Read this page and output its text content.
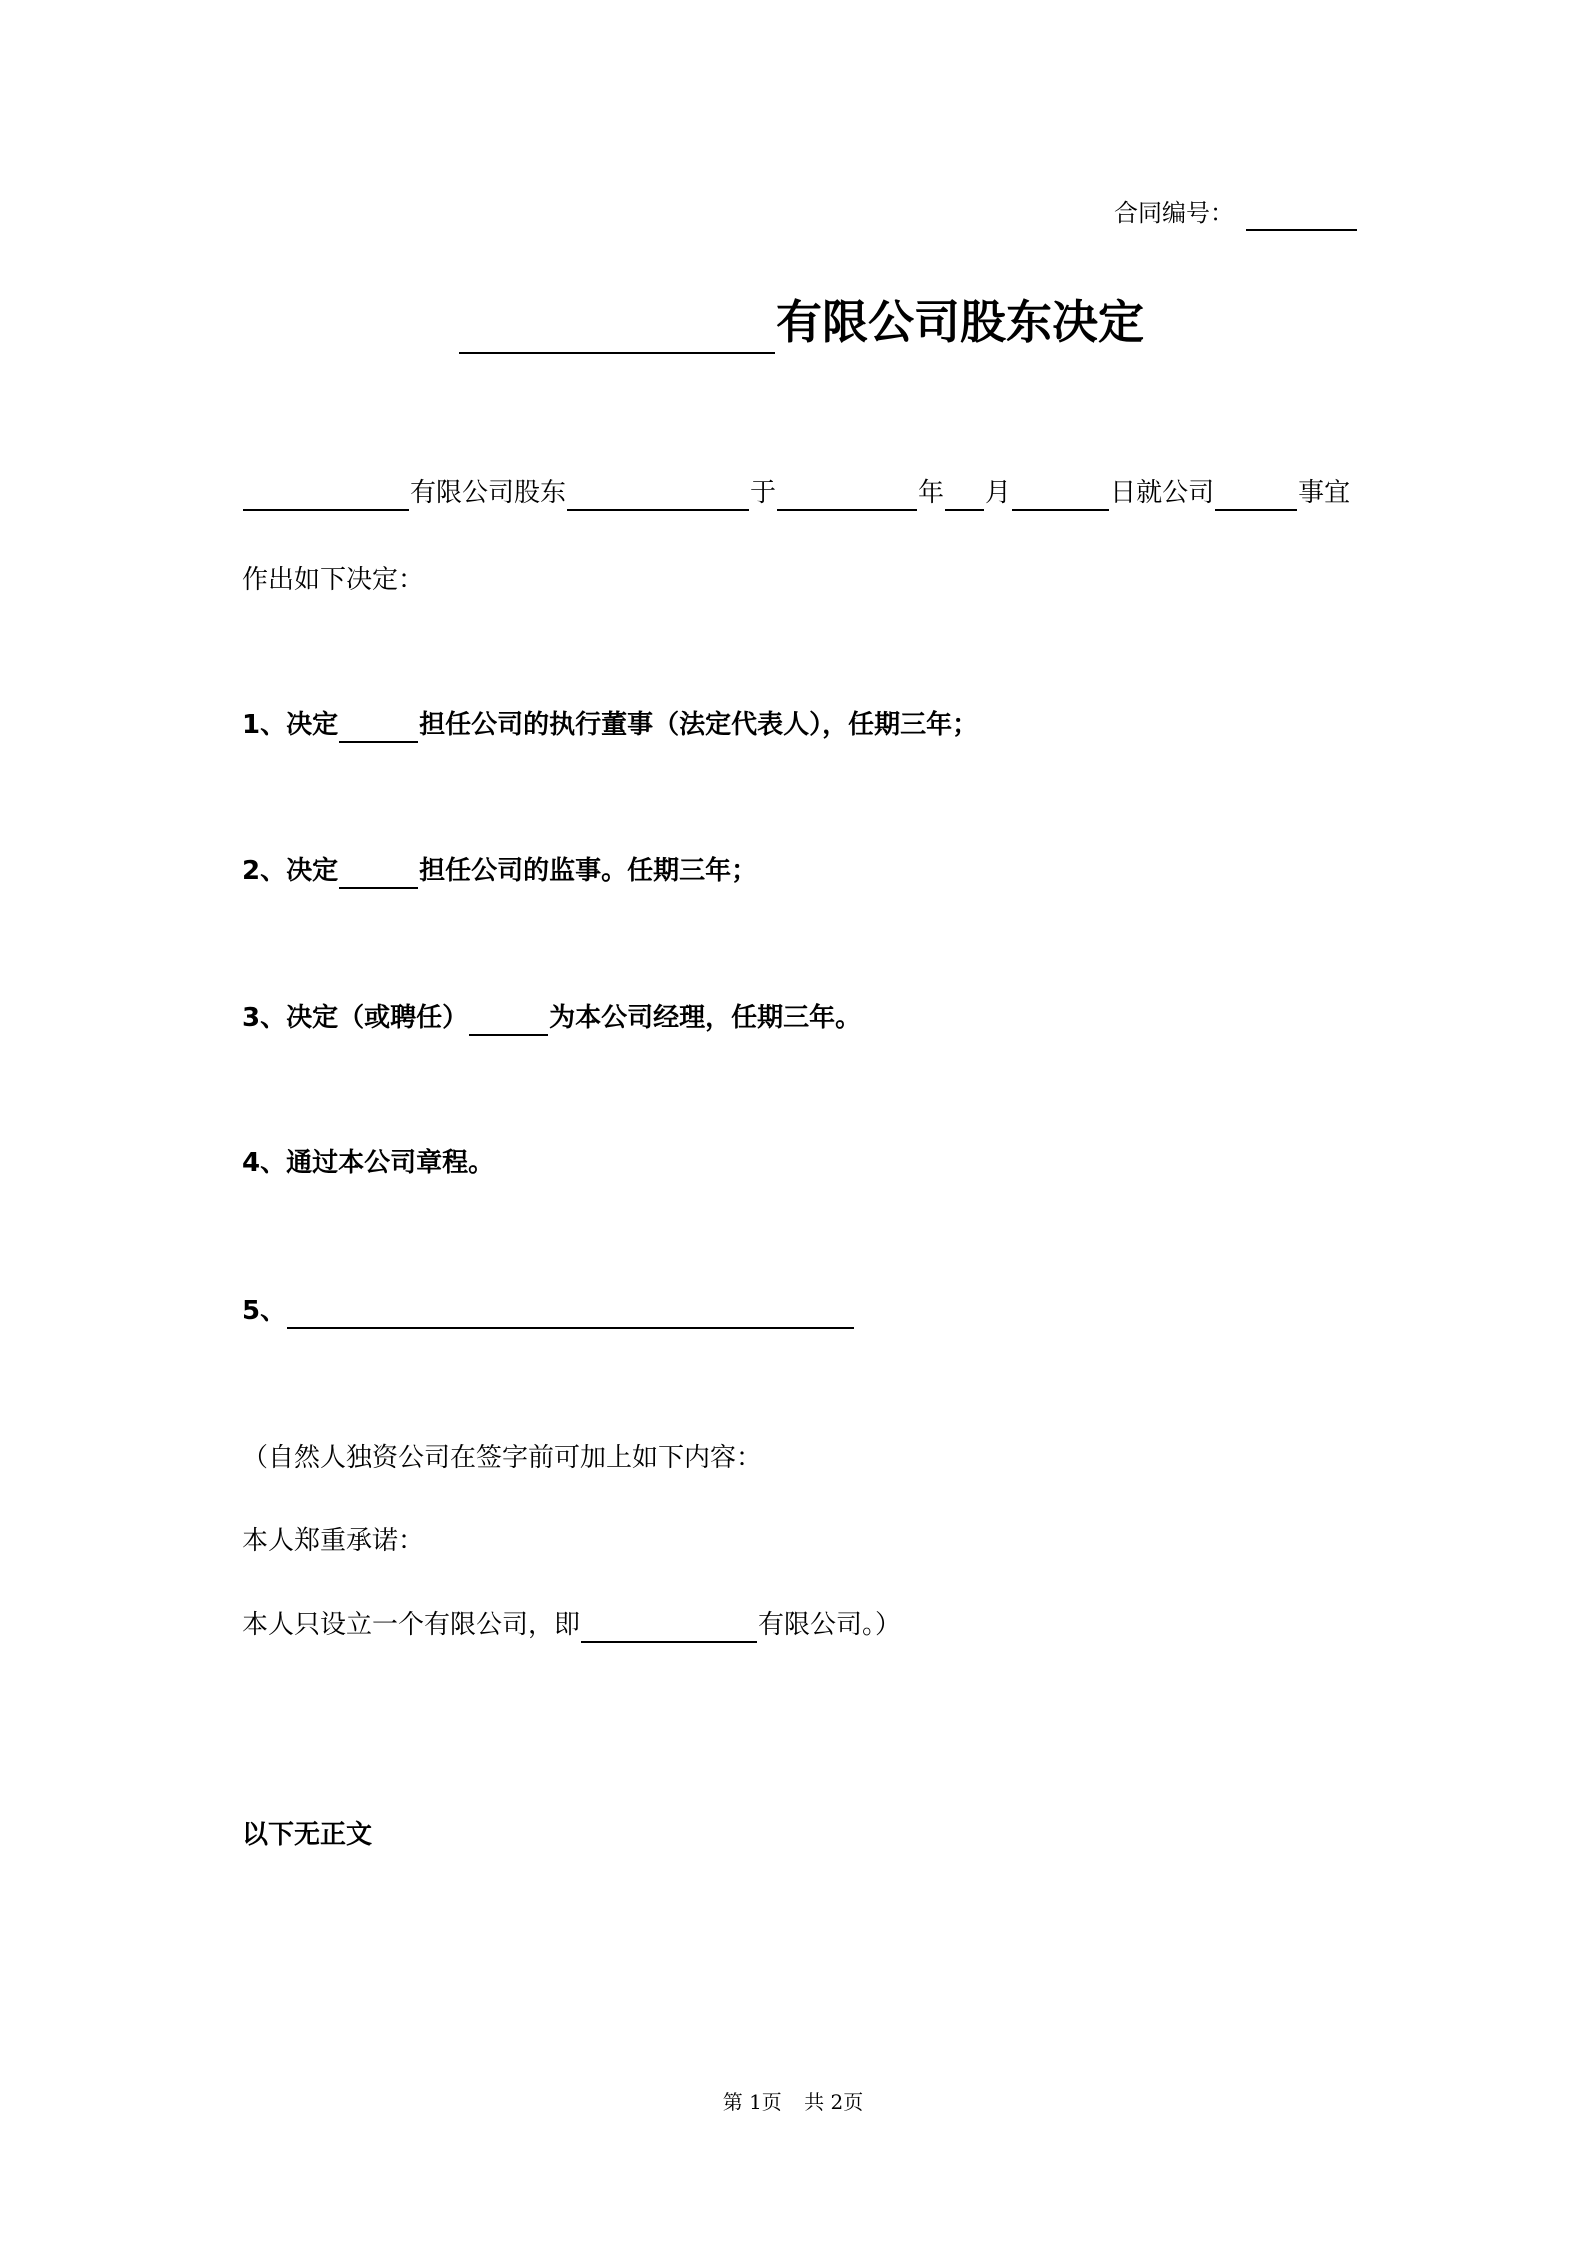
合同编号：
有限公司股东决定
有限公司股东	于	年 月	日就公司	事宜
作出如下决定：
1、决定	担任公司的执行董事（法定代表人），任期三年；
2、决定	担任公司的监事。任期三年；
3、决定（或聘任）	为本公司经理，任期三年。
4、通过本公司章程。
5、
（自然人独资公司在签字前可加上如下内容：
本人郑重承诺：
本人只设立一个有限公司，即	有限公司。）
以下无正文
第 1页 共 2页
